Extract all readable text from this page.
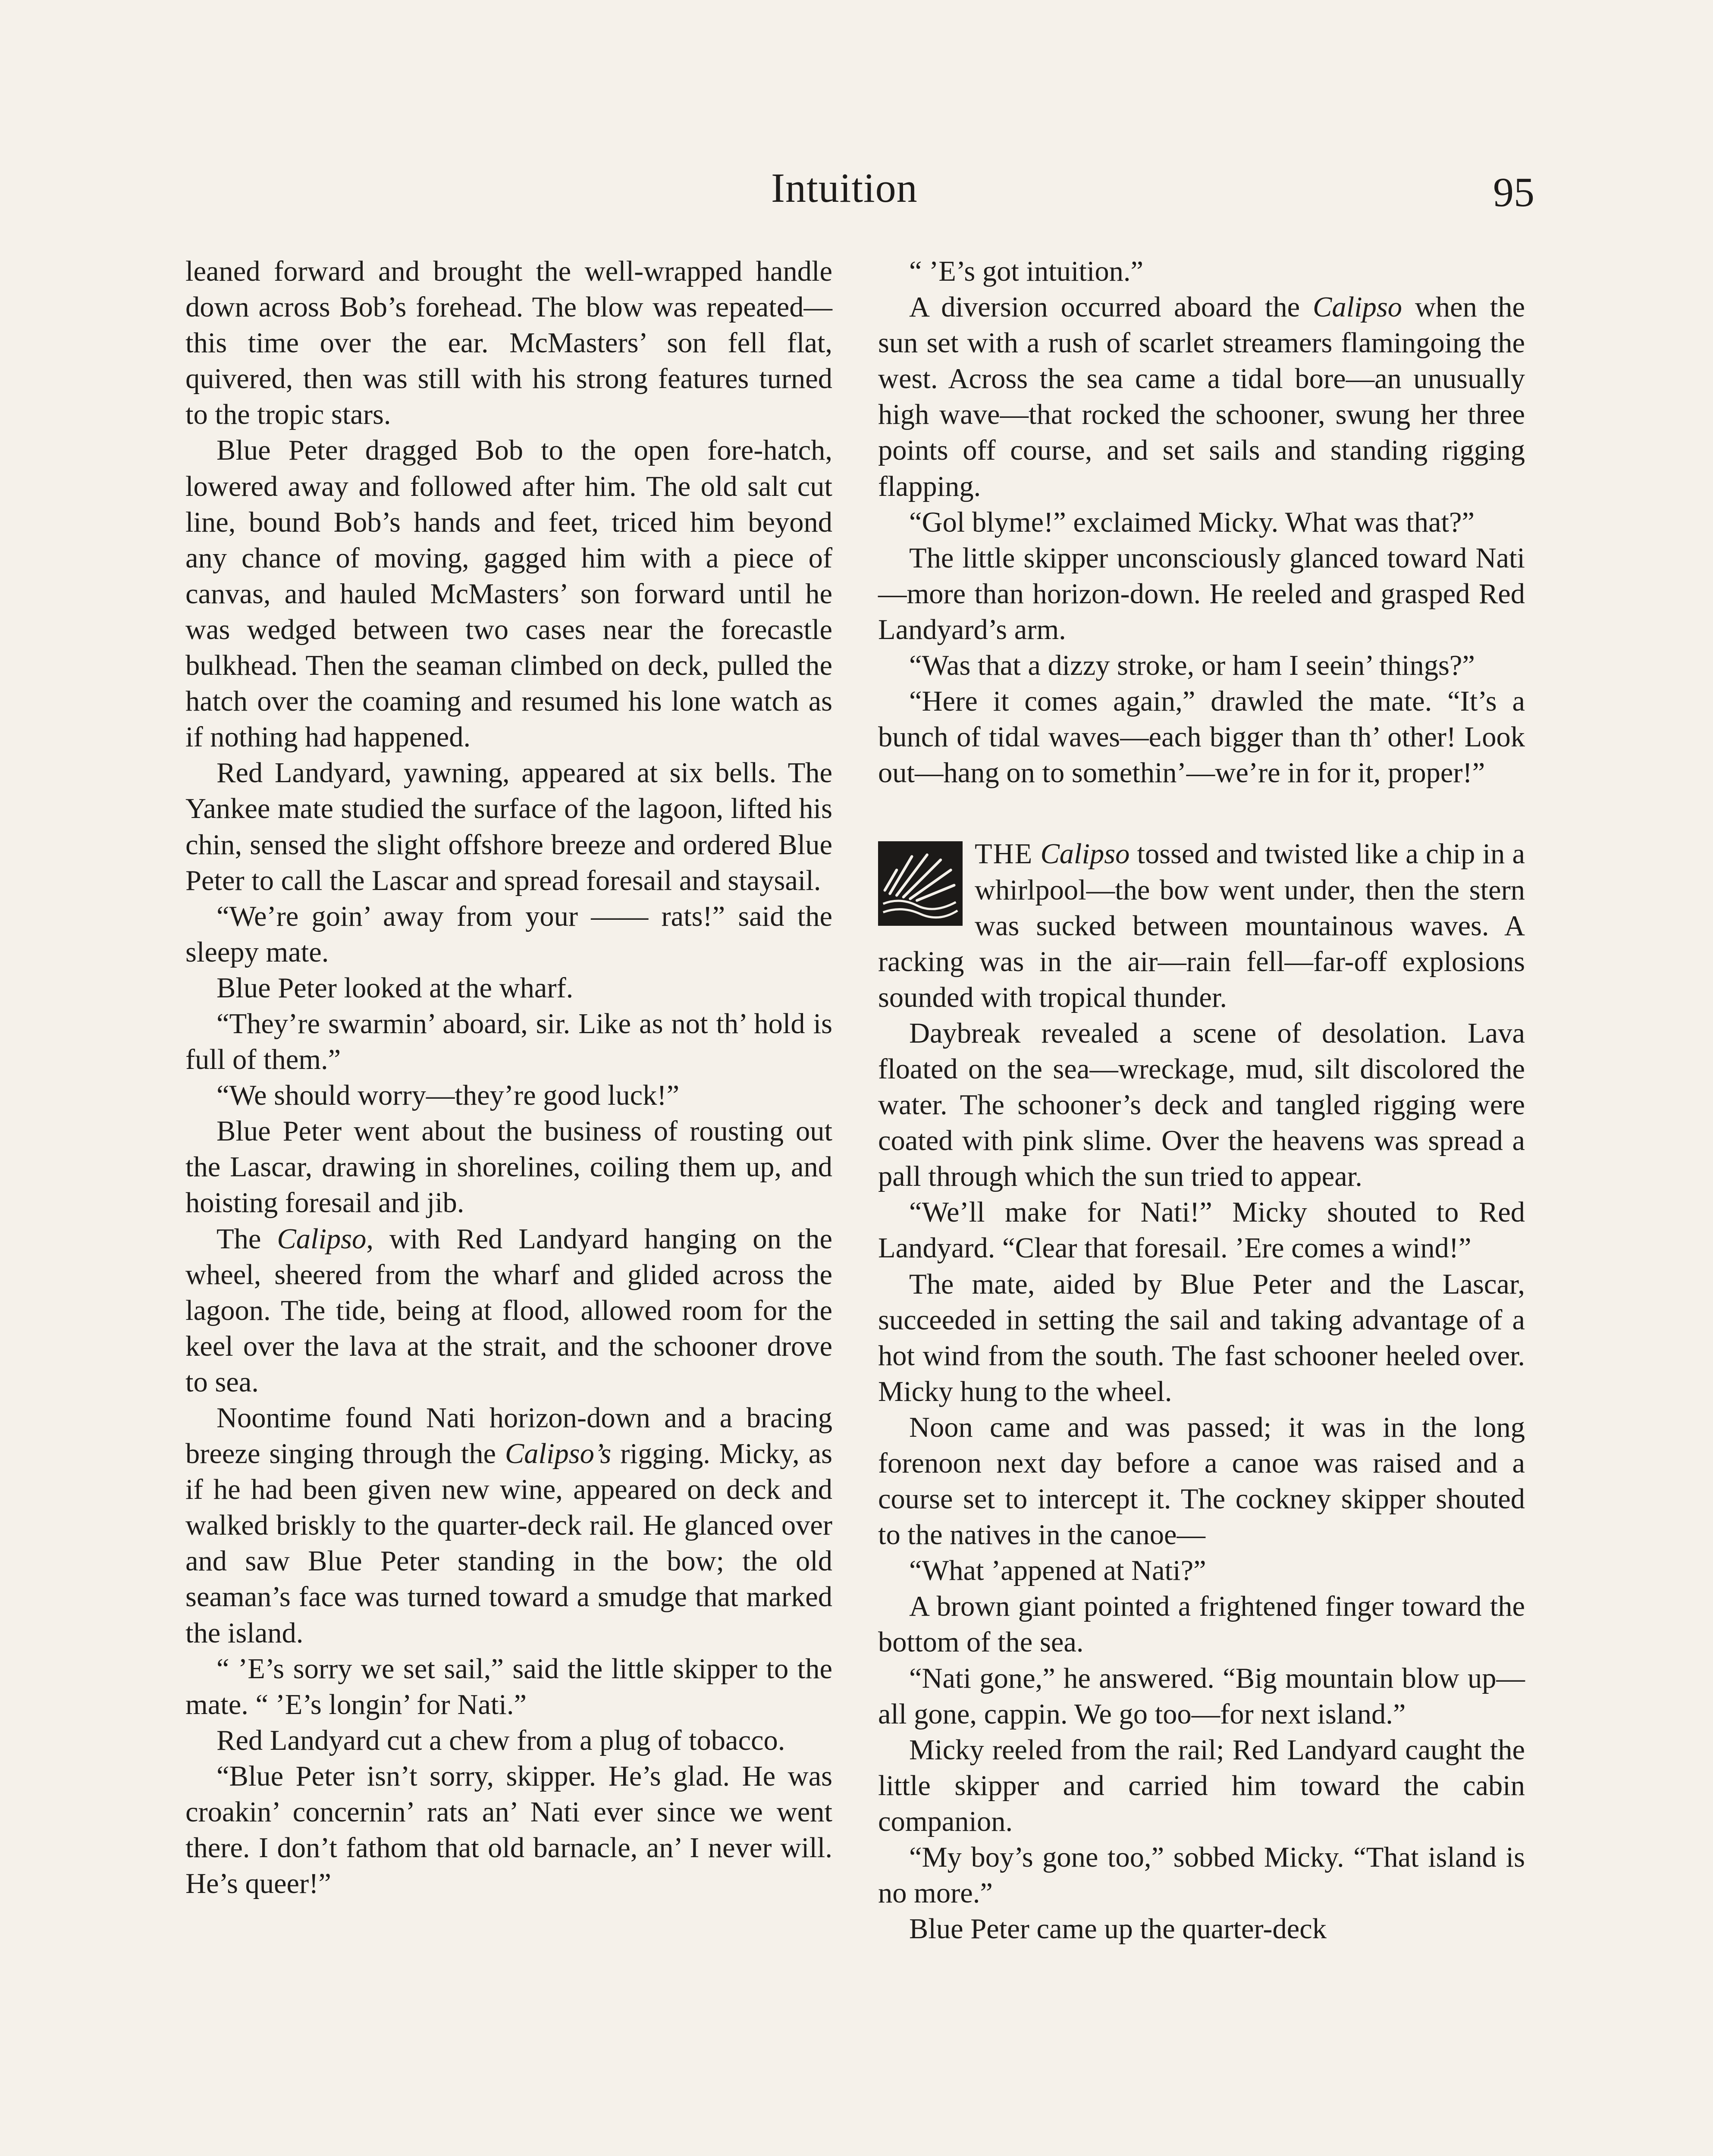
Intuition	95

leaned forward and brought the well-wrapped handle down across Bob’s forehead. The blow was repeated—this time over the ear. McMasters’ son fell flat, quivered, then was still with his strong features turned to the tropic stars.

Blue Peter dragged Bob to the open fore-hatch, lowered away and followed after him. The old salt cut line, bound Bob’s hands and feet, triced him beyond any chance of moving, gagged him with a piece of canvas, and hauled McMasters’ son forward until he was wedged between two cases near the forecastle bulkhead. Then the seaman climbed on deck, pulled the hatch over the coaming and resumed his lone watch as if nothing had happened.

Red Landyard, yawning, appeared at six bells. The Yankee mate studied the surface of the lagoon, lifted his chin, sensed the slight offshore breeze and ordered Blue Peter to call the Lascar and spread foresail and staysail.

“We’re goin’ away from your —— rats!” said the sleepy mate.

Blue Peter looked at the wharf.

“They’re swarmin’ aboard, sir. Like as not th’ hold is full of them.”

“We should worry—they’re good luck!”

Blue Peter went about the business of rousting out the Lascar, drawing in shorelines, coiling them up, and hoisting foresail and jib.

The Calipso, with Red Landyard hanging on the wheel, sheered from the wharf and glided across the lagoon. The tide, being at flood, allowed room for the keel over the lava at the strait, and the schooner drove to sea.

Noontime found Nati horizon-down and a bracing breeze singing through the Calipso’s rigging. Micky, as if he had been given new wine, appeared on deck and walked briskly to the quarter-deck rail. He glanced over and saw Blue Peter standing in the bow; the old seaman’s face was turned toward a smudge that marked the island.

“ ’E’s sorry we set sail,” said the little skipper to the mate. “ ’E’s longin’ for Nati.”

Red Landyard cut a chew from a plug of tobacco.

“Blue Peter isn’t sorry, skipper. He’s glad. He was croakin’ concernin’ rats an’ Nati ever since we went there. I don’t fathom that old barnacle, an’ I never will. He’s queer!”

“ ’E’s got intuition.”

A diversion occurred aboard the Calipso when the sun set with a rush of scarlet streamers flamingoing the west. Across the sea came a tidal bore—an unusually high wave—that rocked the schooner, swung her three points off course, and set sails and standing rigging flapping.

“Gol blyme!” exclaimed Micky. What was that?”

The little skipper unconsciously glanced toward Nati—more than horizon-down. He reeled and grasped Red Landyard’s arm.

“Was that a dizzy stroke, or ham I seein’ things?”

“Here it comes again,” drawled the mate. “It’s a bunch of tidal waves—each bigger than th’ other! Look out—hang on to somethin’—we’re in for it, proper!”

THE Calipso tossed and twisted like a chip in a whirlpool—the bow went under, then the stern was sucked between mountainous waves. A racking was in the air—rain fell—far-off explosions sounded with tropical thunder.

Daybreak revealed a scene of desolation. Lava floated on the sea—wreckage, mud, silt discolored the water. The schooner’s deck and tangled rigging were coated with pink slime. Over the heavens was spread a pall through which the sun tried to appear.

“We’ll make for Nati!” Micky shouted to Red Landyard. “Clear that foresail. ’Ere comes a wind!”

The mate, aided by Blue Peter and the Lascar, succeeded in setting the sail and taking advantage of a hot wind from the south. The fast schooner heeled over. Micky hung to the wheel.

Noon came and was passed; it was in the long forenoon next day before a canoe was raised and a course set to intercept it. The cockney skipper shouted to the natives in the canoe—

“What ’appened at Nati?”

A brown giant pointed a frightened finger toward the bottom of the sea.

“Nati gone,” he answered. “Big mountain blow up—all gone, cappin. We go too—for next island.”

Micky reeled from the rail; Red Landyard caught the little skipper and carried him toward the cabin companion.

“My boy’s gone too,” sobbed Micky. “That island is no more.”

Blue Peter came up the quarter-deck
